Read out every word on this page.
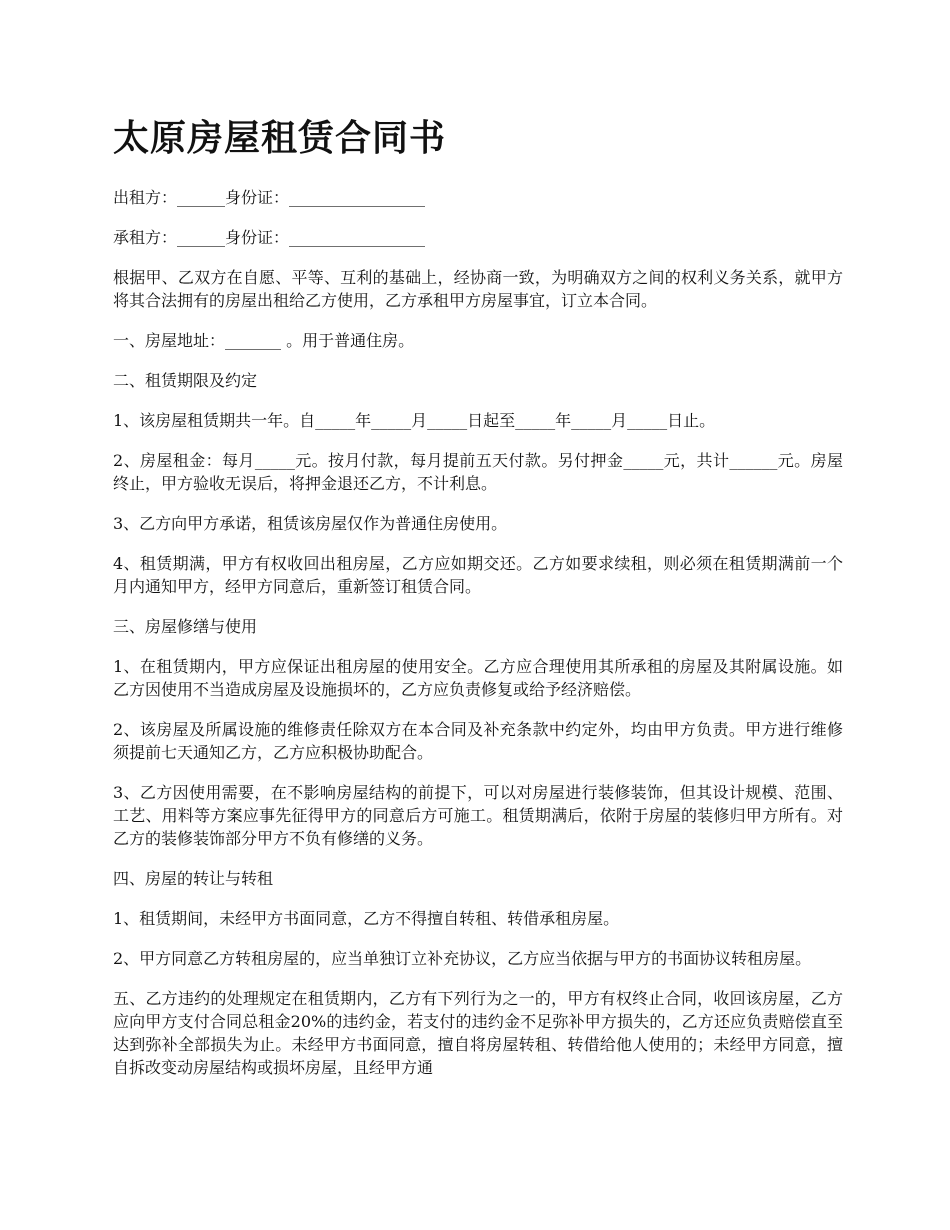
太原房屋租赁合同书

出租方：______身份证：_________________

承租方：______身份证：_________________

根据甲、乙双方在自愿、平等、互利的基础上，经协商一致，为明确双方之间的权利义务关系，就甲方将其合法拥有的房屋出租给乙方使用，乙方承租甲方房屋事宜，订立本合同。

一、房屋地址：_______ 。用于普通住房。

二、租赁期限及约定

1、该房屋租赁期共一年。自_____年_____月_____日起至_____年_____月_____日止。

2、房屋租金：每月_____元。按月付款，每月提前五天付款。另付押金_____元，共计______元。房屋终止，甲方验收无误后，将押金退还乙方，不计利息。

3、乙方向甲方承诺，租赁该房屋仅作为普通住房使用。

4、租赁期满，甲方有权收回出租房屋，乙方应如期交还。乙方如要求续租，则必须在租赁期满前一个月内通知甲方，经甲方同意后，重新签订租赁合同。

三、房屋修缮与使用

1、在租赁期内，甲方应保证出租房屋的使用安全。乙方应合理使用其所承租的房屋及其附属设施。如乙方因使用不当造成房屋及设施损坏的，乙方应负责修复或给予经济赔偿。

2、该房屋及所属设施的维修责任除双方在本合同及补充条款中约定外，均由甲方负责。甲方进行维修须提前七天通知乙方，乙方应积极协助配合。

3、乙方因使用需要，在不影响房屋结构的前提下，可以对房屋进行装修装饰，但其设计规模、范围、工艺、用料等方案应事先征得甲方的同意后方可施工。租赁期满后，依附于房屋的装修归甲方所有。对乙方的装修装饰部分甲方不负有修缮的义务。

四、房屋的转让与转租

1、租赁期间，未经甲方书面同意，乙方不得擅自转租、转借承租房屋。

2、甲方同意乙方转租房屋的，应当单独订立补充协议，乙方应当依据与甲方的书面协议转租房屋。

五、乙方违约的处理规定在租赁期内，乙方有下列行为之一的，甲方有权终止合同，收回该房屋，乙方应向甲方支付合同总租金20%的违约金，若支付的违约金不足弥补甲方损失的，乙方还应负责赔偿直至达到弥补全部损失为止。未经甲方书面同意，擅自将房屋转租、转借给他人使用的；未经甲方同意，擅自拆改变动房屋结构或损坏房屋，且经甲方通
